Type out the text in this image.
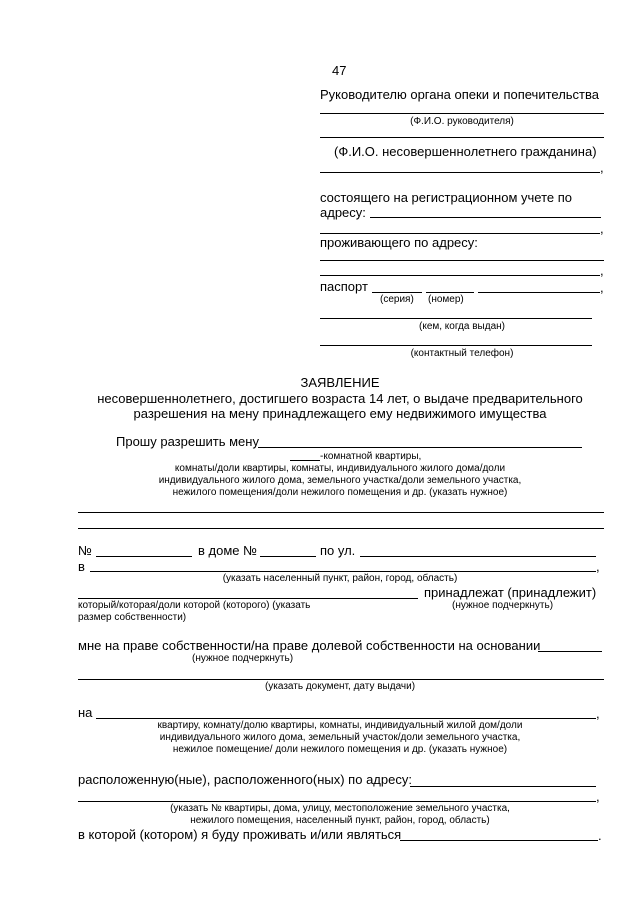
47
Руководителю органа опеки и попечительства
(Ф.И.О. руководителя)
(Ф.И.О. несовершеннолетнего гражданина)
,
состоящего на регистрационном учете по
адресу:
,
проживающего по адресу:
,
паспорт	,
(серия) (номер)
(кем, когда выдан)
(контактный телефон)
ЗАЯВЛЕНИЕ
несовершеннолетнего, достигшего возраста 14 лет, о выдаче предварительного
разрешения на мену принадлежащего ему недвижимого имущества
Прошу разрешить мену
-комнатной квартиры,
комнаты/доли квартиры, комнаты, индивидуального жилого дома/доли
индивидуального жилого дома, земельного участка/доли земельного участка,
нежилого помещения/доли нежилого помещения и др. (указать нужное)
№	в доме №	по ул.
в	,
(указать населенный пункт, район, город, область)
принадлежат (принадлежит)
который/которая/доли которой (которого) (указать
размер собственности)
(нужное подчеркнуть)
мне на праве собственности/на праве долевой собственности на основании
(нужное подчеркнуть)
(указать документ, дату выдачи)
на	,
квартиру, комнату/долю квартиры, комнаты, индивидуальный жилой дом/доли
индивидуального жилого дома, земельный участок/доли земельного участка,
нежилое помещение/ доли нежилого помещения и др. (указать нужное)
расположенную(ные), расположенного(ных) по адресу:
,
(указать № квартиры, дома, улицу, местоположение земельного участка,
нежилого помещения, населенный пункт, район, город, область)
в которой (котором) я буду проживать и/или являться	.
